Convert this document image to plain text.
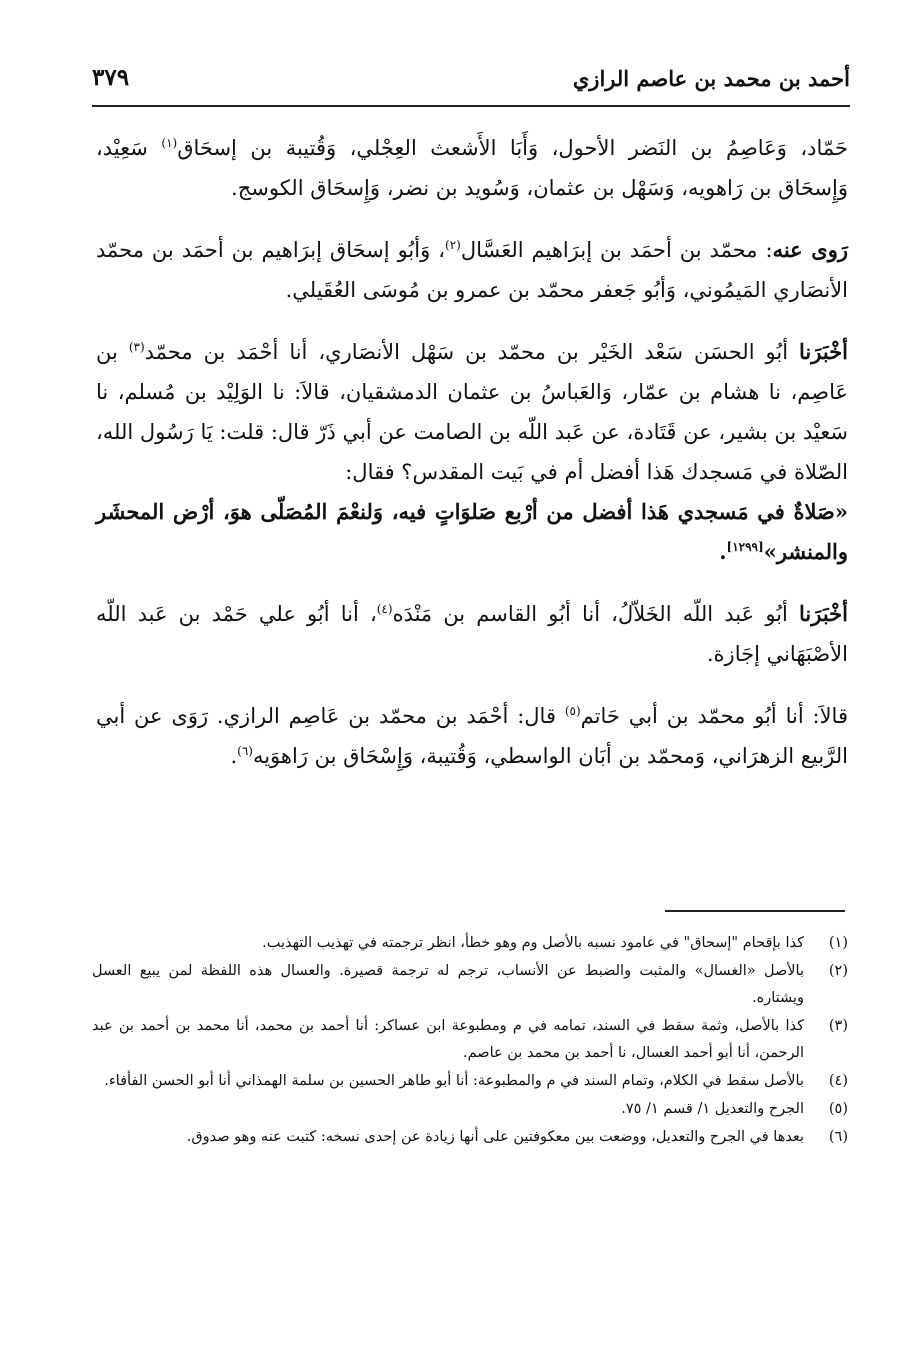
أحمد بن محمد بن عاصم الرازي
٣٧٩

حَمّاد، وَعَاصِمُ بن النَضر الأحول، وَأَبَا الأَشعث العِجْلي، وَقُتيبة بن إسحَاق$^{(١)}$ سَعِيْد، وَإِسحَاق بن رَاهويه، وَسَهْل بن عثمان، وَسُويد بن نضر، وَإِسحَاق الكوسج.

رَوى عنه: محمّد بن أحمَد بن إبرَاهيم العَسَّال$^{(٢)}$، وَأبُو إسحَاق إبرَاهيم بن أحمَد بن محمّد الأنصَاري المَيمُوني، وَأبُو جَعفر محمّد بن عمرو بن مُوسَى العُقَيلي.

أخْبَرَنا أبُو الحسَن سَعْد الخَيْر بن محمّد بن سَهْل الأنصَاري، أنا أحْمَد بن محمّد$^{(٣)}$ بن عَاصِم، نا هشام بن عمّار، وَالعَباسُ بن عثمان الدمشقيان، قالاَ: نا الوَلِيْد بن مُسلم، نا سَعيْد بن بشير، عن قَتَادة، عن عَبد اللّه بن الصامت عن أبي ذَرّ قال: قلت: يَا رَسُول الله، الصّلاة في مَسجدك هَذا أفضل أم في بَيت المقدس؟ فقال:

«صَلاةٌ في مَسجدي هَذا أفضل من أرْبع صَلوَاتٍ فيه، وَلنعْمَ المُصَلّى هوَ، أرْض المحشَر والمنشر»[١٢٩٩].

أخْبَرَنا أبُو عَبد اللّه الخَلاّلُ، أنا أبُو القاسم بن مَنْدَه$^{(٤)}$، أنا أبُو علي حَمْد بن عَبد اللّه الأصْبَهَاني إجَازة.

قالاَ: أنا أبُو محمّد بن أبي حَاتم$^{(٥)}$ قال: أحْمَد بن محمّد بن عَاصِم الرازي. رَوَى عن أبي الرَّبيع الزهرَاني، وَمحمّد بن أبَان الواسطي، وَقُتيبة، وَإِسْحَاق بن رَاهوَيه$^{(٦)}$.

(١)
كذا بإقحام "إسحاق" في عامود نسبه بالأصل وم وهو خطأ، انظر ترجمته في تهذيب التهذيب.
(٢)
بالأصل «الغسال» والمثبت والضبط عن الأنساب، ترجم له ترجمة قصيرة. والعسال هذه اللفظة لمن يبيع العسل ويشتاره.
(٣)
كذا بالأصل، وثمة سقط في السند، تمامه في م ومطبوعة ابن عساكر: أنا أحمد بن محمد، أنا محمد بن أحمد بن عبد الرحمن، أنا أبو أحمد العسال، نا أحمد بن محمد بن عاصم.
(٤)
بالأصل سقط في الكلام، وتمام السند في م والمطبوعة: أنا أبو طاهر الحسين بن سلمة الهمذاني أنا أبو الحسن الفأفاء.
(٥)
الجرح والتعديل ١/ قسم ١/ ٧٥.
(٦)
بعدها في الجرح والتعديل، ووضعت بين معكوفتين على أنها زيادة عن إحدى نسخه: كتبت عنه وهو صدوق.
